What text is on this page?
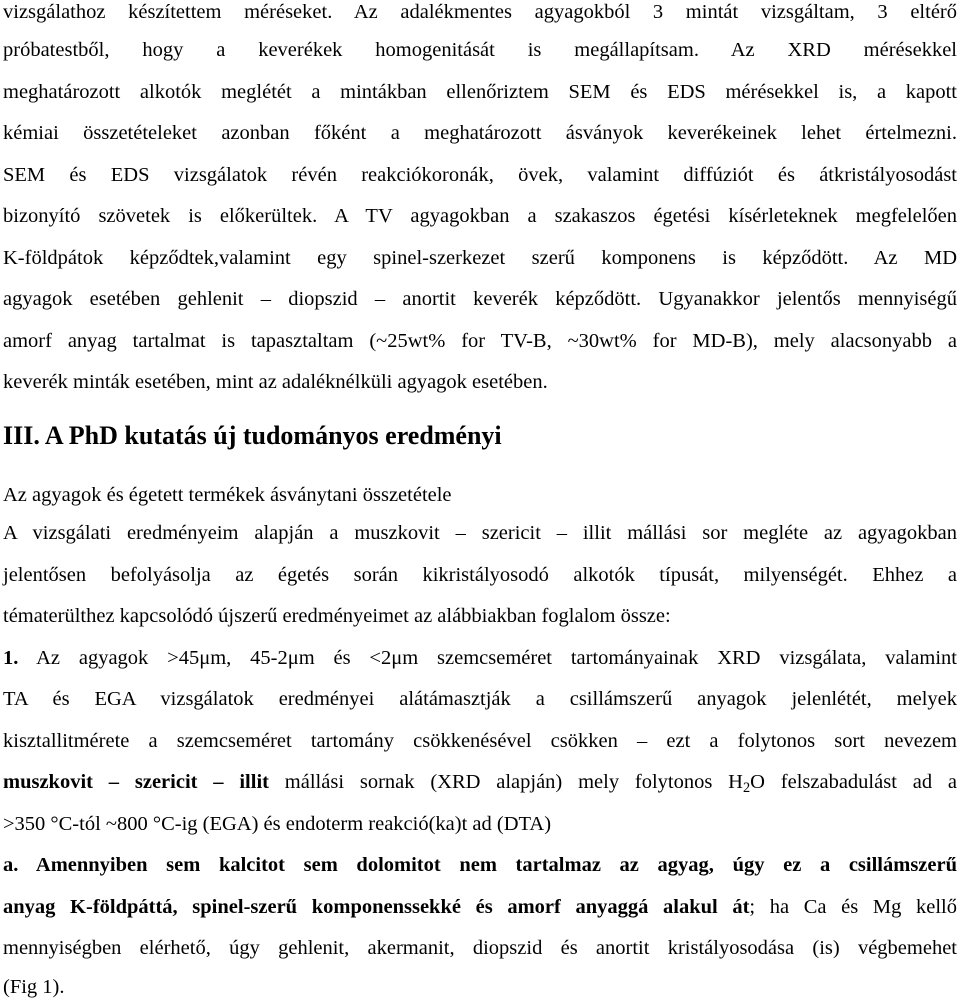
vizsgálathoz készítettem méréseket. Az adalékmentes agyagokból 3 mintát vizsgáltam, 3 eltérő
próbatestből, hogy a keverékek homogenitását is megállapítsam. Az XRD mérésekkel
meghatározott alkotók meglétét a mintákban ellenőriztem SEM és EDS mérésekkel is, a kapott
kémiai összetételeket azonban főként a meghatározott ásványok keverékeinek lehet értelmezni.
SEM és EDS vizsgálatok révén reakciókoronák, övek, valamint diffúziót és átkristályosodást
bizonyító szövetek is előkerültek. A TV agyagokban a szakaszos égetési kísérleteknek megfelelően
K-földpátok képződtek,valamint egy spinel-szerkezet szerű komponens is képződött. Az MD
agyagok esetében gehlenit – diopszid – anortit keverék képződött. Ugyanakkor jelentős mennyiségű
amorf anyag tartalmat is tapasztaltam (~25wt% for TV-B, ~30wt% for MD-B), mely alacsonyabb a
keverék minták esetében, mint az adaléknélküli agyagok esetében.
III. A PhD kutatás új tudományos eredményi
Az agyagok és égetett termékek ásványtani összetétele
A vizsgálati eredményeim alapján a muszkovit – szericit – illit mállási sor megléte az agyagokban
jelentősen befolyásolja az égetés során kikristályosodó alkotók típusát, milyenségét. Ehhez a
tématerülthez kapcsolódó újszerű eredményeimet az alábbiakban foglalom össze:
1. Az agyagok >45μm, 45-2μm és <2μm szemcseméret tartományainak XRD vizsgálata, valamint
TA és EGA vizsgálatok eredményei alátámasztják a csillámszerű anyagok jelenlétét, melyek
kisztallitmérete a szemcseméret tartomány csökkenésével csökken – ezt a folytonos sort nevezem
muszkovit – szericit – illit mállási sornak (XRD alapján) mely folytonos $H_2O$ felszabadulást ad a
>350 °C-tól ~800 °C-ig (EGA) és endoterm reakció(ka)t ad (DTA)
a. Amennyiben sem kalcitot sem dolomitot nem tartalmaz az agyag, úgy ez a csillámszerű
anyag K-földpáttá, spinel-szerű komponenssekké és amorf anyaggá alakul át; ha Ca és Mg kellő
mennyiségben elérhető, úgy gehlenit, akermanit, diopszid és anortit kristályosodása (is) végbemehet
(Fig 1).
